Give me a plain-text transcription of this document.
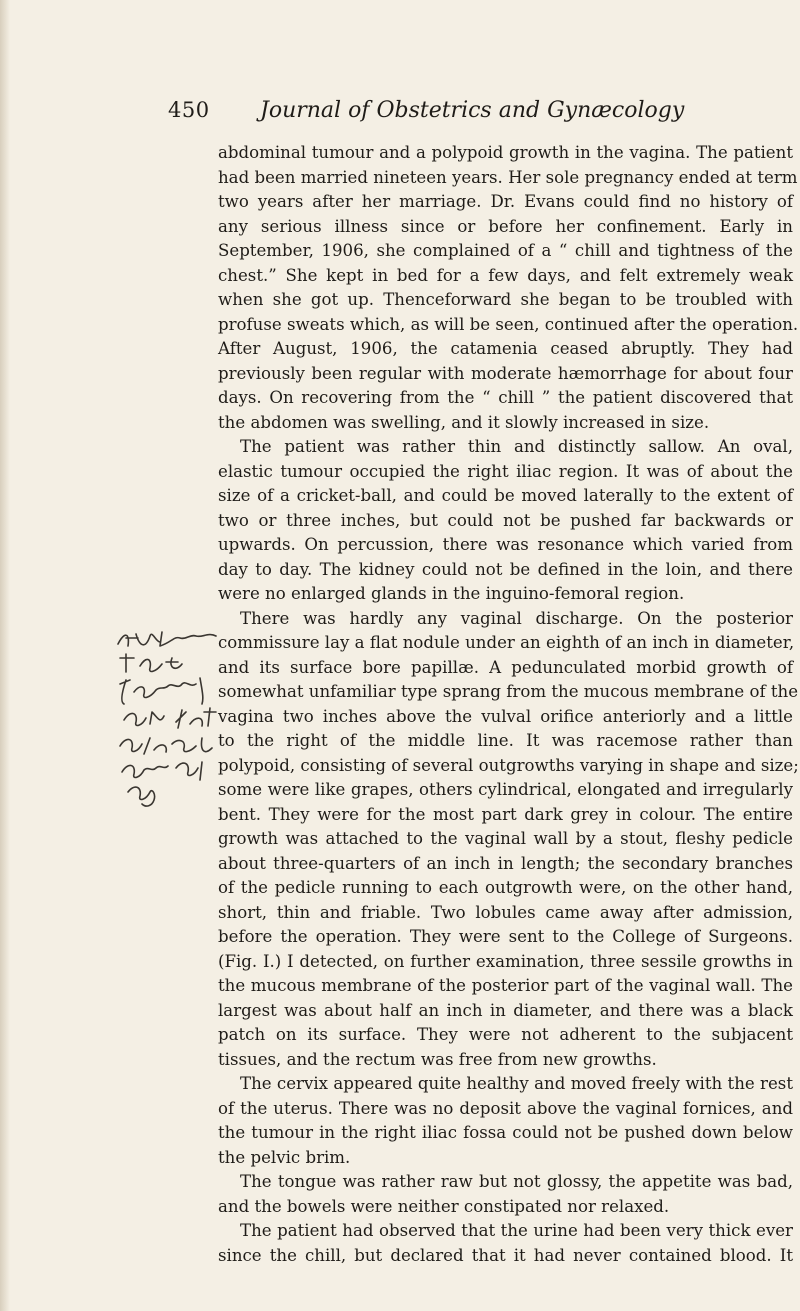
450 Journal of Obstetrics and Gynæcology
abdominal tumour and a polypoid growth in the vagina. The patient
had been married nineteen years. Her sole pregnancy ended at term
two years after her marriage. Dr. Evans could find no history of
any serious illness since or before her confinement. Early in
September, 1906, she complained of a “ chill and tightness of the
chest.” She kept in bed for a few days, and felt extremely weak
when she got up. Thenceforward she began to be troubled with
profuse sweats which, as will be seen, continued after the operation.
After August, 1906, the catamenia ceased abruptly. They had
previously been regular with moderate hæmorrhage for about four
days. On recovering from the “ chill ” the patient discovered that
the abdomen was swelling, and it slowly increased in size.
The patient was rather thin and distinctly sallow. An oval,
elastic tumour occupied the right iliac region. It was of about the
size of a cricket-ball, and could be moved laterally to the extent of
two or three inches, but could not be pushed far backwards or
upwards. On percussion, there was resonance which varied from
day to day. The kidney could not be defined in the loin, and there
were no enlarged glands in the inguino-femoral region.
There was hardly any vaginal discharge. On the posterior
commissure lay a flat nodule under an eighth of an inch in diameter,
and its surface bore papillæ. A pedunculated morbid growth of
somewhat unfamiliar type sprang from the mucous membrane of the
vagina two inches above the vulval orifice anteriorly and a little
to the right of the middle line. It was racemose rather than
polypoid, consisting of several outgrowths varying in shape and size;
some were like grapes, others cylindrical, elongated and irregularly
bent. They were for the most part dark grey in colour. The entire
growth was attached to the vaginal wall by a stout, fleshy pedicle
about three-quarters of an inch in length; the secondary branches
of the pedicle running to each outgrowth were, on the other hand,
short, thin and friable. Two lobules came away after admission,
before the operation. They were sent to the College of Surgeons.
(Fig. I.) I detected, on further examination, three sessile growths in
the mucous membrane of the posterior part of the vaginal wall. The
largest was about half an inch in diameter, and there was a black
patch on its surface. They were not adherent to the subjacent
tissues, and the rectum was free from new growths.
The cervix appeared quite healthy and moved freely with the rest
of the uterus. There was no deposit above the vaginal fornices, and
the tumour in the right iliac fossa could not be pushed down below
the pelvic brim.
The tongue was rather raw but not glossy, the appetite was bad,
and the bowels were neither constipated nor relaxed.
The patient had observed that the urine had been very thick ever
since the chill, but declared that it had never contained blood. It
